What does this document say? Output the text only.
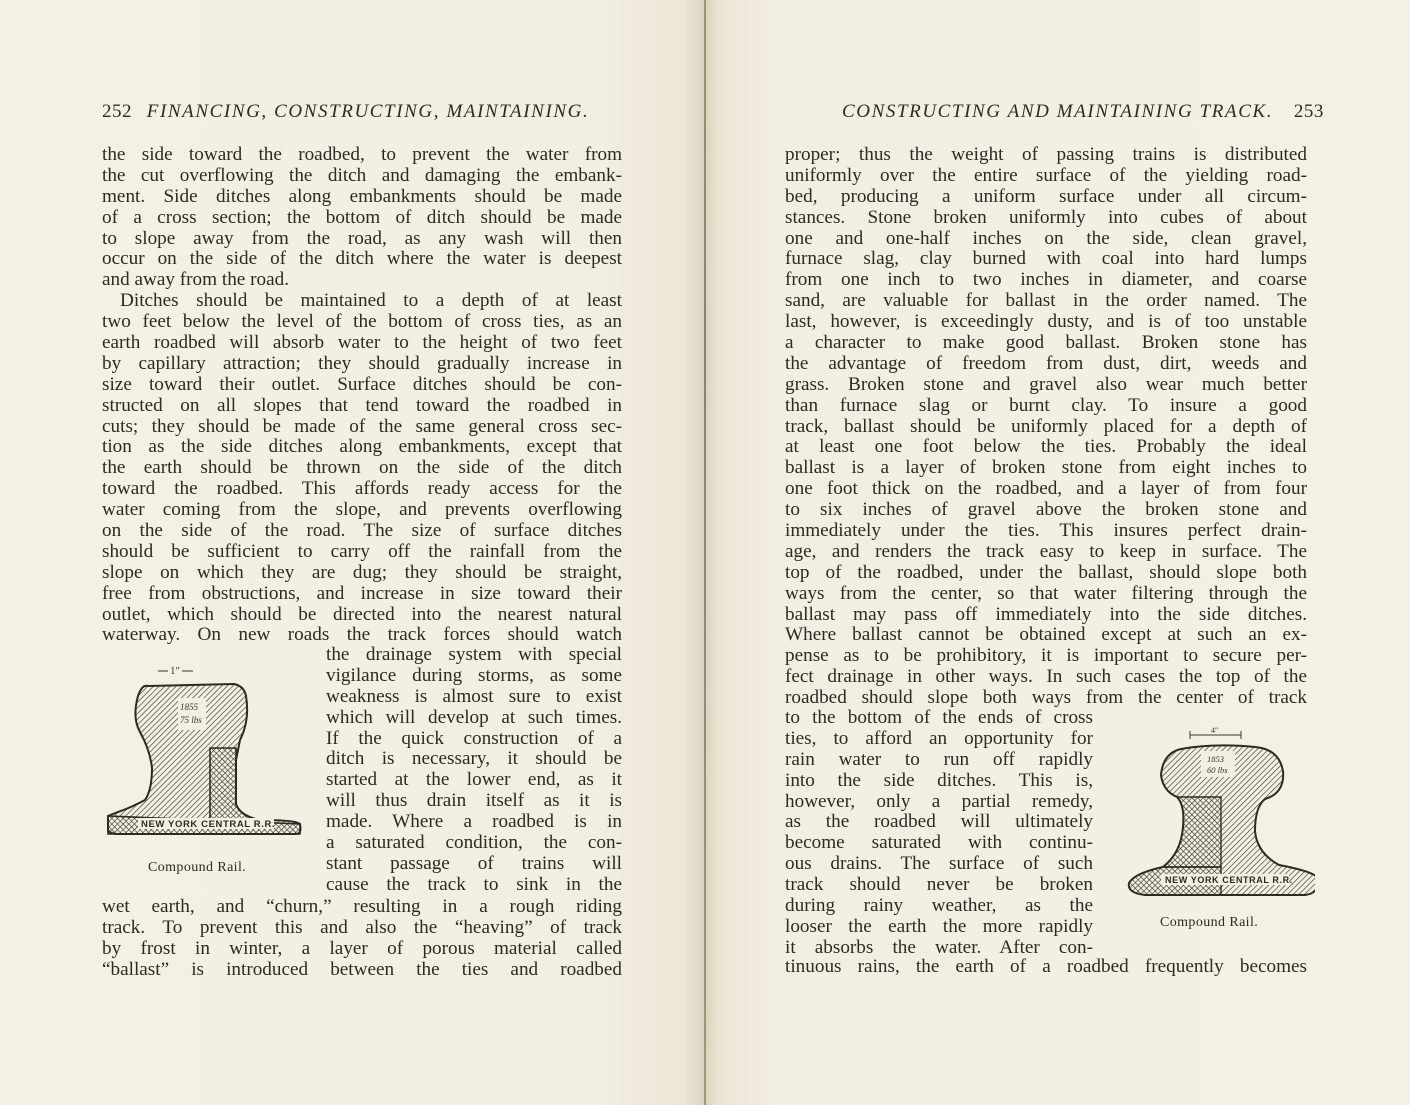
252 FINANCING, CONSTRUCTING, MAINTAINING.
the side toward the roadbed, to prevent the water from
the cut overflowing the ditch and damaging the embank-
ment. Side ditches along embankments should be made
of a cross section; the bottom of ditch should be made
to slope away from the road, as any wash will then
occur on the side of the ditch where the water is deepest
and away from the road.
Ditches should be maintained to a depth of at least
two feet below the level of the bottom of cross ties, as an
earth roadbed will absorb water to the height of two feet
by capillary attraction; they should gradually increase in
size toward their outlet. Surface ditches should be con-
structed on all slopes that tend toward the roadbed in
cuts; they should be made of the same general cross sec-
tion as the side ditches along embankments, except that
the earth should be thrown on the side of the ditch
toward the roadbed. This affords ready access for the
water coming from the slope, and prevents overflowing
on the side of the road. The size of surface ditches
should be sufficient to carry off the rainfall from the
slope on which they are dug; they should be straight,
free from obstructions, and increase in size toward their
outlet, which should be directed into the nearest natural
waterway. On new roads the track forces should watch
1″
1855
75 lbs
NEW YORK CENTRAL R.R.
Compound Rail.
the drainage system with special
vigilance during storms, as some
weakness is almost sure to exist
which will develop at such times.
If the quick construction of a
ditch is necessary, it should be
started at the lower end, as it
will thus drain itself as it is
made. Where a roadbed is in
a saturated condition, the con-
stant passage of trains will
cause the track to sink in the
wet earth, and “churn,” resulting in a rough riding
track. To prevent this and also the “heaving” of track
by frost in winter, a layer of porous material called
“ballast” is introduced between the ties and roadbed
CONSTRUCTING AND MAINTAINING TRACK. 253
proper; thus the weight of passing trains is distributed
uniformly over the entire surface of the yielding road-
bed, producing a uniform surface under all circum-
stances. Stone broken uniformly into cubes of about
one and one-half inches on the side, clean gravel,
furnace slag, clay burned with coal into hard lumps
from one inch to two inches in diameter, and coarse
sand, are valuable for ballast in the order named. The
last, however, is exceedingly dusty, and is of too unstable
a character to make good ballast. Broken stone has
the advantage of freedom from dust, dirt, weeds and
grass. Broken stone and gravel also wear much better
than furnace slag or burnt clay. To insure a good
track, ballast should be uniformly placed for a depth of
at least one foot below the ties. Probably the ideal
ballast is a layer of broken stone from eight inches to
one foot thick on the roadbed, and a layer of from four
to six inches of gravel above the broken stone and
immediately under the ties. This insures perfect drain-
age, and renders the track easy to keep in surface. The
top of the roadbed, under the ballast, should slope both
ways from the center, so that water filtering through the
ballast may pass off immediately into the side ditches.
Where ballast cannot be obtained except at such an ex-
pense as to be prohibitory, it is important to secure per-
fect drainage in other ways. In such cases the top of the
roadbed should slope both ways from the center of track
to the bottom of the ends of cross
ties, to afford an opportunity for
rain water to run off rapidly
into the side ditches. This is,
however, only a partial remedy,
as the roadbed will ultimately
become saturated with continu-
ous drains. The surface of such
track should never be broken
during rainy weather, as the
looser the earth the more rapidly
it absorbs the water. After con-
4″
1853
60 lbs
NEW YORK CENTRAL R.R.
Compound Rail.
tinuous rains, the earth of a roadbed frequently becomes
